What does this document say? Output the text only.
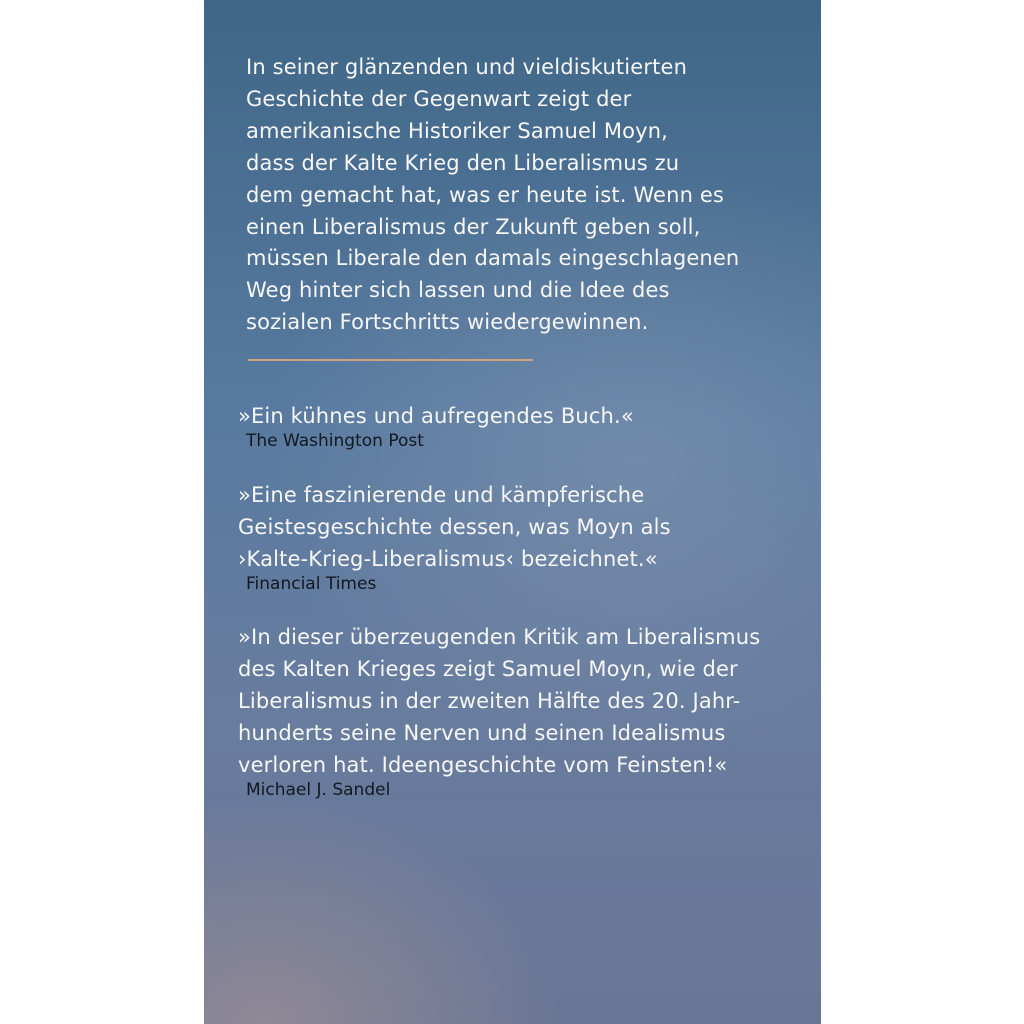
In seiner glänzenden und vieldiskutierten
Geschichte der Gegenwart zeigt der
amerikanische Historiker Samuel Moyn,
dass der Kalte Krieg den Liberalismus zu
dem gemacht hat, was er heute ist. Wenn es
einen Liberalismus der Zukunft geben soll,
müssen Liberale den damals eingeschlagenen
Weg hinter sich lassen und die Idee des
sozialen Fortschritts wiedergewinnen.

»Ein kühnes und aufregendes Buch.«

The Washington Post

»Eine faszinierende und kämpferische
Geistesgeschichte dessen, was Moyn als
›Kalte-Krieg-Liberalismus‹ bezeichnet.«

Financial Times

»In dieser überzeugenden Kritik am Liberalismus
des Kalten Krieges zeigt Samuel Moyn, wie der
Liberalismus in der zweiten Hälfte des 20. Jahr-
hunderts seine Nerven und seinen Idealismus
verloren hat. Ideengeschichte vom Feinsten!«

Michael J. Sandel
